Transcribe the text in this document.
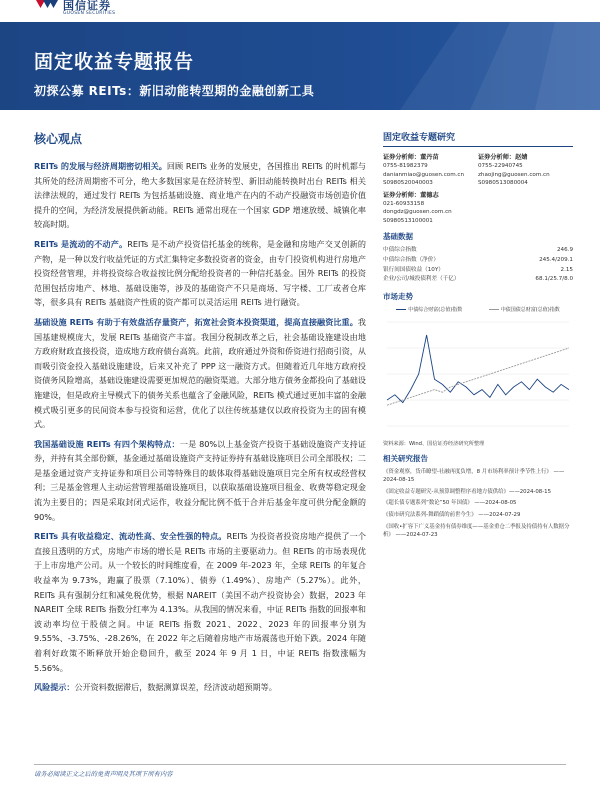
国信证券
GUOSEN SECURITIES
固定收益专题报告
初探公募 REITs：新旧动能转型期的金融创新工具
核心观点

REITs 的发展与经济周期密切相关。回顾 REITs 业务的发展史，各国推出 REITs 的时机都与其所处的经济周期密不可分，绝大多数国家是在经济转型、新旧动能转换时出台 REITs 相关法律法规的，通过发行 REITs 为包括基础设施、商业地产在内的不动产投融资市场创造价值提升的空间，为经济发展提供新动能。REITs 通常出现在一个国家 GDP 增速放缓、城镇化率较高时期。

REITs 是流动的不动产。REITs 是不动产投资信托基金的统称，是金融和房地产交叉创新的产物，是一种以发行收益凭证的方式汇集特定多数投资者的资金，由专门投资机构进行房地产投资经营管理，并将投资综合收益按比例分配给投资者的一种信托基金。国外 REITs 的投资范围包括房地产、林地、基础设施等，涉及的基础资产不只是商场、写字楼、工厂或者仓库等，很多具有 REITs 基础资产性质的资产都可以灵活运用 REITs 进行融资。

基础设施 REITs 有助于有效盘活存量资产，拓宽社会资本投资渠道，提高直接融资比重。我国基建规模庞大，发展 REITs 基础资产丰富。我国分税制改革之后，社会基础设施建设由地方政府财政直接投资，造成地方政府债台高筑。此前，政府通过外资和侨资进行招商引资，从而吸引资金投入基础设施建设，后来又补充了 PPP 这一融资方式。但随着近几年地方政府投资债务风险增高，基础设施建设需要更加规范的融资渠道。大部分地方债务金都投向了基础设施建设，但是政府主导模式下的债务关系也蕴含了金融风险，REITs 模式通过更加丰富的金融模式吸引更多的民间资本参与投资和运营，优化了以往传统基建仅以政府投资为主的固有模式。

我国基础设施 REITs 有四个架构特点：一是 80%以上基金资产投资于基础设施资产支持证券，并持有其全部份额，基金通过基础设施资产支持证券持有基础设施项目公司全部股权；二是基金通过资产支持证券和项目公司等特殊目的载体取得基础设施项目完全所有权或经营权利；三是基金管理人主动运营管理基础设施项目，以获取基础设施项目租金、收费等稳定现金流为主要目的；四是采取封闭式运作，收益分配比例不低于合并后基金年度可供分配金额的 90%。

REITs 具有收益稳定、流动性高、安全性强的特点。REITs 为投资者投资房地产提供了一个直接且透明的方式，房地产市场的增长是 REITs 市场的主要驱动力。但 REITs 的市场表现优于上市房地产公司。从一个较长的时间维度看，在 2009 年-2023 年，全球 REITs 的年复合收益率为 9.73%，跑赢了股票（7.10%）、债券（1.49%）、房地产（5.27%）。此外，REITs 具有强制分红和减免税优势，根据 NAREIT（美国不动产投资协会）数据，2023 年 NAREIT 全球 REITs 指数分红率为 4.13%。从我国的情况来看，中证 REITs 指数的回报率和波动率均位于股债之间。中证 REITs 指数 2021、2022、2023 年的回报率分别为 9.55%、-3.75%、-28.26%，在 2022 年之后随着房地产市场震荡也开始下跌。2024 年随着利好政策不断释放开始企稳回升，截至 2024 年 9 月 1 日，中证 REITs 指数涨幅为 5.56%。

风险提示：公开资料数据滞后，数据测算误差，经济波动超预期等。

固定收益专题研究
证券分析师：董丹苗
0755-81982379
danianmiao@guosen.com.cn
S0980520040003
证券分析师：赵婧
0755-22940745
zhaojing@guosen.com.cn
S0980513080004
证券分析师：董德志
021-60933158
dongdz@guosen.com.cn
S0980513100001
基础数据
中债综合指数	246.9
中债综合指数（净价）	245.4/209.1
银行间国债收益（10Y）	2.15
企业/公司/城投债利差（千亿）	68.1/25.7/8.0
市场走势
中债综合财富(总值)指数	中债国债总财富(总值)指数
资料来源：Wind、国信证券经济研究所整理
相关研究报告
《资金观察，货币瞭望-社融再度负增，8 月市场利率预计季节性上行》 ——2024-08-15
《固定收益专题研究-从预算调整程序看地方债供给》——2024-08-15
《超长债专题系列“数论”50 年国债》 ——2024-08-05
《债市研究法系列-舞蹈债的前世今生》 ——2024-07-29
《国收•扩容下广义基金持有债券维度——基金重仓二季报及持债持有人数据分析》 ——2024-07-23
请务必阅读正文之后的免责声明及其项下所有内容
